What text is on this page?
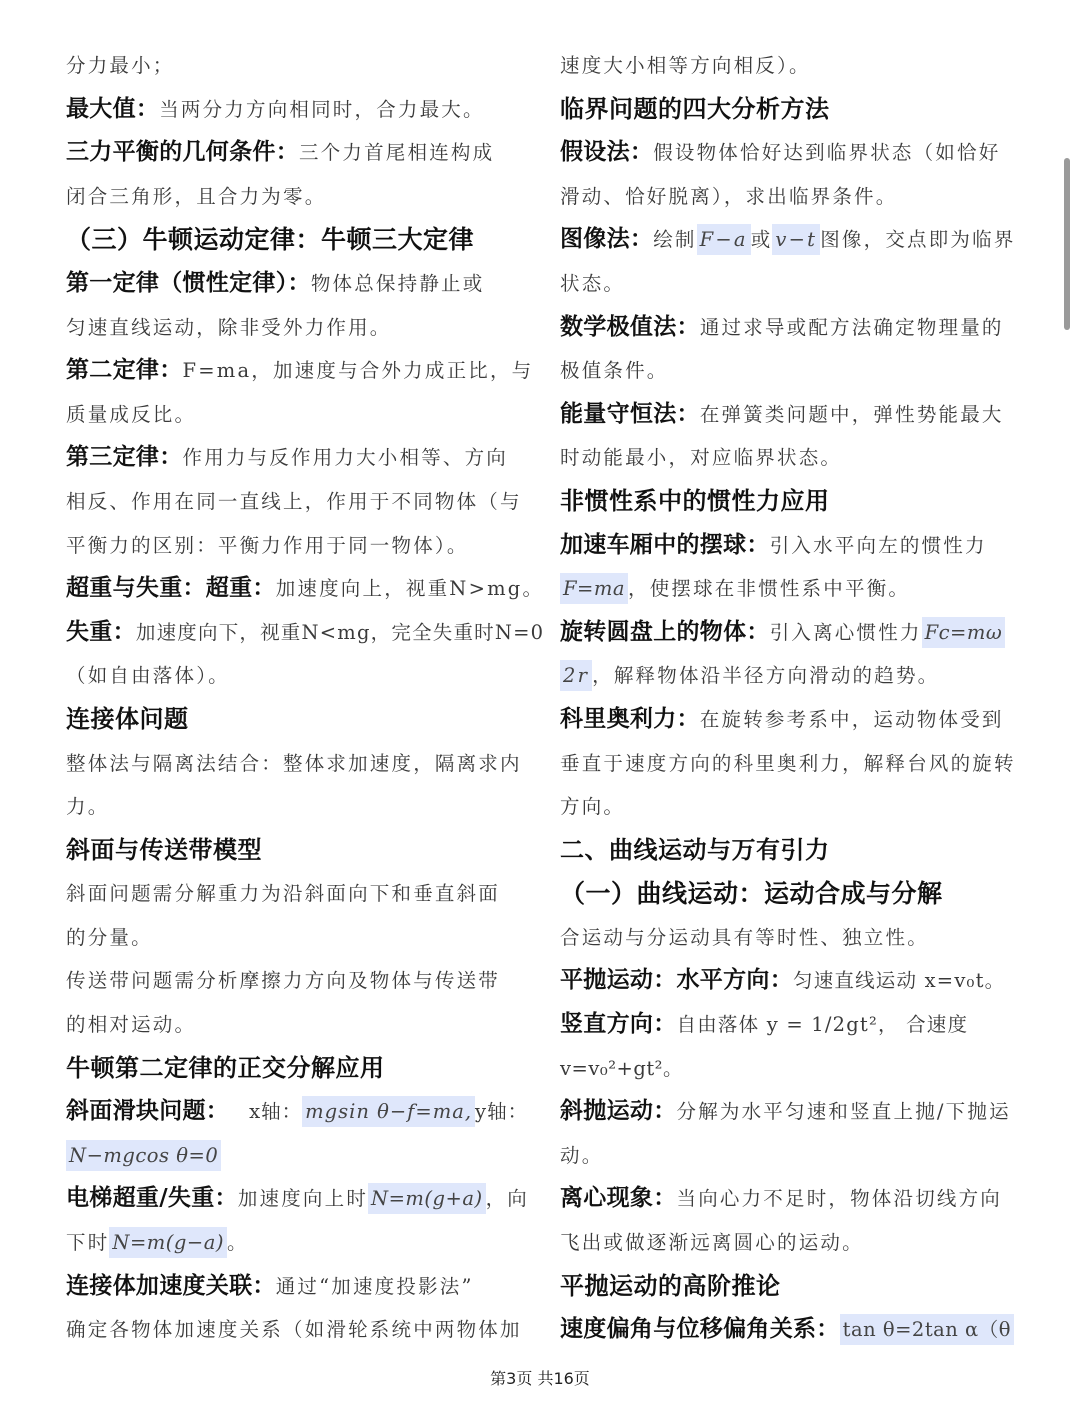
分力最小；
最大值：当两分力方向相同时，合力最大。
三力平衡的几何条件：三个力首尾相连构成
闭合三角形，且合力为零。
（三）牛顿运动定律：牛顿三大定律
第一定律（惯性定律）：物体总保持静止或
匀速直线运动，除非受外力作用。
第二定律：F=ma，加速度与合外力成正比，与
质量成反比。
第三定律：作用力与反作用力大小相等、方向
相反、作用在同一直线上，作用于不同物体（与
平衡力的区别：平衡力作用于同一物体）。
超重与失重：超重：加速度向上，视重N>mg。
失重：加速度向下，视重N<mg，完全失重时N=0
（如自由落体）。
连接体问题
整体法与隔离法结合：整体求加速度，隔离求内
力。
斜面与传送带模型
斜面问题需分解重力为沿斜面向下和垂直斜面
的分量。
传送带问题需分析摩擦力方向及物体与传送带
的相对运动。
牛顿第二定律的正交分解应用
斜面滑块问题： x轴： mgsin θ−f=ma, y轴：
N−mgcos θ=0
电梯超重/失重：加速度向上时 N=m(g+a) ，向
下时 N=m(g−a) 。
连接体加速度关联：通过“加速度投影法”
确定各物体加速度关系（如滑轮系统中两物体加
速度大小相等方向相反）。
临界问题的四大分析方法
假设法：假设物体恰好达到临界状态（如恰好
滑动、恰好脱离），求出临界条件。
图像法：绘制 F−a 或 v−t 图像，交点即为临界
状态。
数学极值法：通过求导或配方法确定物理量的
极值条件。
能量守恒法：在弹簧类问题中，弹性势能最大
时动能最小，对应临界状态。
非惯性系中的惯性力应用
加速车厢中的摆球：引入水平向左的惯性力
F=ma ，使摆球在非惯性系中平衡。
旋转圆盘上的物体：引入离心惯性力 Fc=mω
2r ，解释物体沿半径方向滑动的趋势。
科里奥利力：在旋转参考系中，运动物体受到
垂直于速度方向的科里奥利力，解释台风的旋转
方向。
二、曲线运动与万有引力
（一）曲线运动：运动合成与分解
合运动与分运动具有等时性、独立性。
平抛运动：水平方向：匀速直线运动 x=v₀t。
竖直方向：自由落体 y = 1/2gt²， 合速度
v=v₀²+gt²。
斜抛运动：分解为水平匀速和竖直上抛/下抛运
动。
离心现象：当向心力不足时，物体沿切线方向
飞出或做逐渐远离圆心的运动。
平抛运动的高阶推论
速度偏角与位移偏角关系： tan θ=2tan α（θ
第3页 共16页
